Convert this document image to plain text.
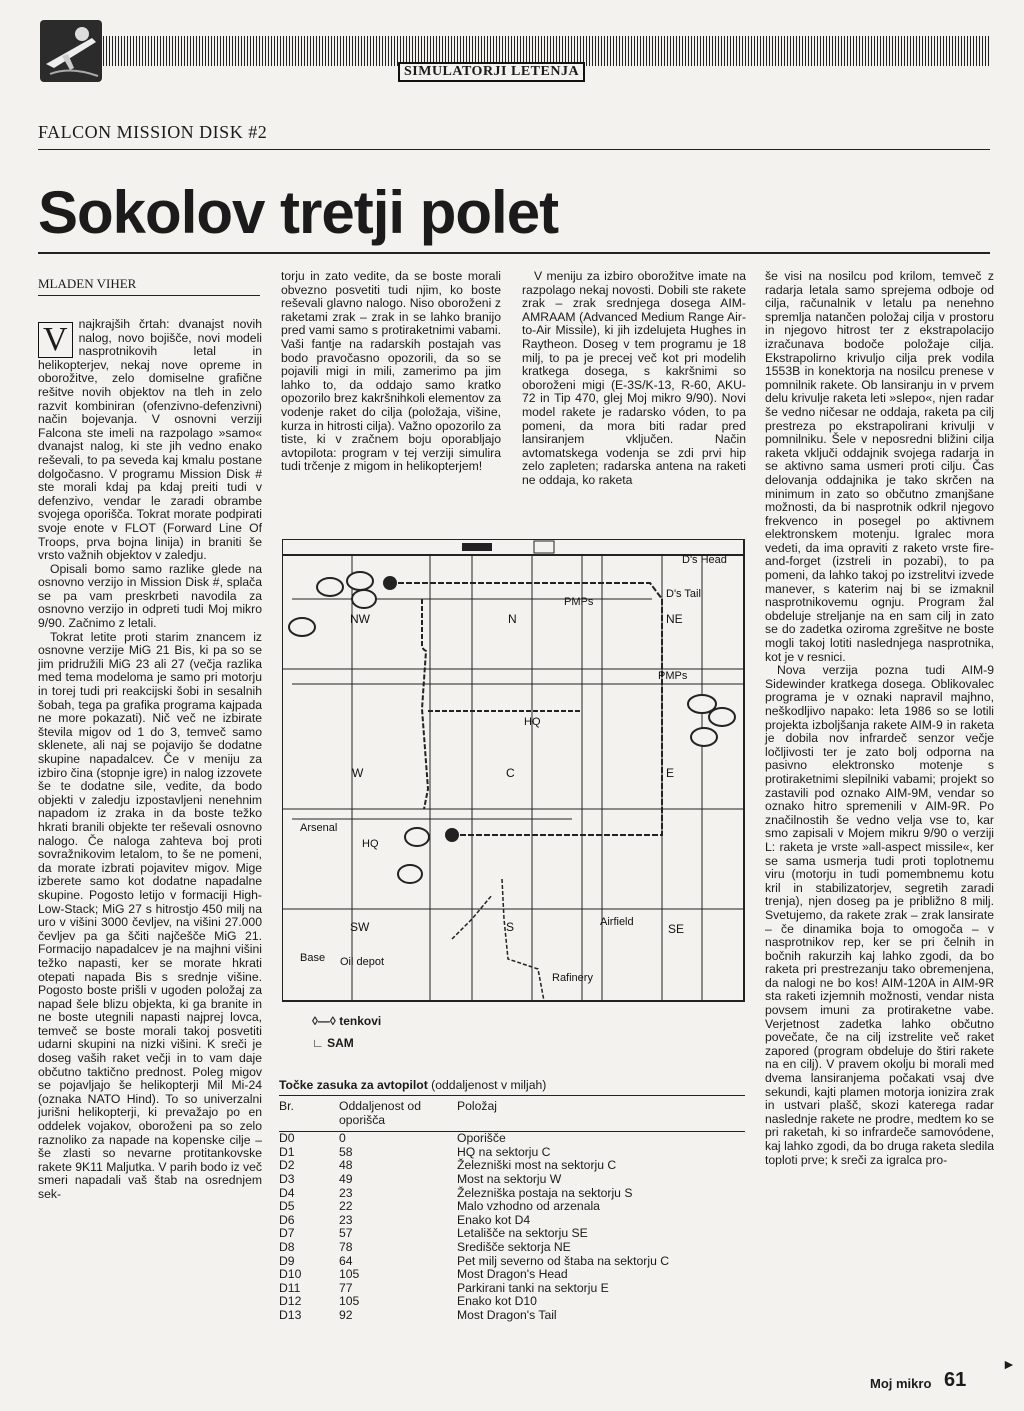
SIMULATORJI LETENJA
FALCON MISSION DISK #2
Sokolov tretji polet
MLADEN VIHER
V najkrajših črtah: dvanajst novih nalog, novo bojišče, novi modeli nasprotnikovih letal in helikopterjev, nekaj nove opreme in oborožitve, zelo domiselne grafične rešitve novih objektov na tleh in zelo razvit kombiniran (ofenzivno-defenzivni) način bojevanja. V osnovni verziji Falcona ste imeli na razpolago »samo« dvanajst nalog, ki ste jih vedno enako reševali, to pa seveda kaj kmalu postane dolgočasno. V programu Mission Disk # ste morali kdaj pa kdaj preiti tudi v defenzivo, vendar le zaradi obrambe svojega oporišča. Tokrat morate podpirati svoje enote v FLOT (Forward Line Of Troops, prva bojna linija) in braniti še vrsto važnih objektov v zaledju.

Opisali bomo samo razlike glede na osnovno verzijo in Mission Disk #, splača se pa vam preskrbeti navodila za osnovno verzijo in odpreti tudi Moj mikro 9/90. Začnimo z letali.

Tokrat letite proti starim znancem iz osnovne verzije MiG 21 Bis, ki pa so se jim pridružili MiG 23 ali 27 (večja razlika med tema modeloma je samo pri motorju in torej tudi pri reakcijski šobi in sesalnih šobah, tega pa grafika programa kajpada ne more pokazati). Nič več ne izbirate števila migov od 1 do 3, temveč samo sklenete, ali naj se pojavijo še dodatne skupine napadalcev. Če v meniju za izbiro čina (stopnje igre) in nalog izzovete še te dodatne sile, vedite, da bodo objekti v zaledju izpostavljeni nenehnim napadom iz zraka in da boste težko hkrati branili objekte ter reševali osnovno nalogo. Če naloga zahteva boj proti sovražnikovim letalom, to še ne pomeni, da morate izbrati pojavitev migov. Mige izberete samo kot dodatne napadalne skupine. Pogosto letijo v formaciji High-Low-Stack; MiG 27 s hitrostjo 450 milj na uro v višini 3000 čevljev, na višini 27.000 čevljev pa ga ščiti najčešče MiG 21. Formacijo napadalcev je na majhni višini težko napasti, ker se morate hkrati otepati napada Bis s srednje višine. Pogosto boste prišli v ugoden položaj za napad šele blizu objekta, ki ga branite in ne boste utegnili napasti najprej lovca, temveč se boste morali takoj posvetiti udarni skupini na nizki višini. K sreči je doseg vaših raket večji in to vam daje občutno taktično prednost. Poleg migov se pojavljajo še helikopterji Mil Mi-24 (oznaka NATO Hind). To so univerzalni jurišni helikopterji, ki prevažajo po en oddelek vojakov, oboroženi pa so zelo raznoliko za napade na kopenske cilje – še zlasti so nevarne protitankovske rakete 9K11 Maljutka. V parih bodo iz več smeri napadali vaš štab na osrednjem sek-

torju in zato vedite, da se boste morali obvezno posvetiti tudi njim, ko boste reševali glavno nalogo. Niso oboroženi z raketami zrak – zrak in se lahko branijo pred vami samo s protiraketnimi vabami. Vaši fantje na radarskih postajah vas bodo pravočasno opozorili, da so se pojavili migi in mili, zamerimo pa jim lahko to, da oddajo samo kratko opozorilo brez kakršnihkoli elementov za vodenje raket do cilja (položaja, višine, kurza in hitrosti cilja). Važno opozorilo za tiste, ki v zračnem boju oporabljajo avtopilota: program v tej verziji simulira tudi trčenje z migom in helikopterjem!

V meniju za izbiro oborožitve imate na razpolago nekaj novosti. Dobili ste rakete zrak – zrak srednjega dosega AIM-AMRAAM (Advanced Medium Range Air-to-Air Missile), ki jih izdelujeta Hughes in Raytheon. Doseg v tem programu je 18 milj, to pa je precej več kot pri modelih kratkega dosega, s kakršnimi so oboroženi migi (E-3S/K-13, R-60, AKU-72 in Tip 470, glej Moj mikro 9/90). Novi model rakete je radarsko vóden, to pa pomeni, da mora biti radar pred lansiranjem vključen. Način avtomatskega vodenja se zdi prvi hip zelo zapleten; radarska antena na raketi ne oddaja, ko raketa

še visi na nosilcu pod krilom, temveč z radarja letala samo sprejema odboje od cilja, računalnik v letalu pa nenehno spremlja natančen položaj cilja v prostoru in njegovo hitrost ter z ekstrapolacijo izračunava bodoče položaje cilja. Ekstrapolirno krivuljo cilja prek vodila 1553B in konektorja na nosilcu prenese v pomnilnik rakete. Ob lansiranju in v prvem delu krivulje raketa leti »slepo«, njen radar še vedno ničesar ne oddaja, raketa pa cilj prestreza po ekstrapolirani krivulji v pomnilniku. Šele v neposredni bližini cilja raketa vključi oddajnik svojega radarja in se aktivno sama usmeri proti cilju. Čas delovanja oddajnika je tako skrčen na minimum in zato so občutno zmanjšane možnosti, da bi nasprotnik odkril njegovo frekvenco in posegel po aktivnem elektronskem motenju. Igralec mora vedeti, da ima opraviti z raketo vrste fire-and-forget (izstreli in pozabi), to pa pomeni, da lahko takoj po izstrelitvi izvede manever, s katerim naj bi se izmaknil nasprotnikovemu ognju. Program žal obdeluje streljanje na en sam cilj in zato se do zadetka oziroma zgrešitve ne boste mogli takoj lotiti naslednjega nasprotnika, kot je v resnici.

Nova verzija pozna tudi AIM-9 Sidewinder kratkega dosega. Oblikovalec programa je v oznaki napravil majhno, neškodljivo napako: leta 1986 so se lotili projekta izboljšanja rakete AIM-9 in raketa je dobila nov infrardeč senzor večje ločljivosti ter je zato bolj odporna na pasivno elektronsko motenje s protiraketnimi slepilniki vabami; projekt so zastavili pod oznako AIM-9M, vendar so oznako hitro spremenili v AIM-9R. Po značilnostih še vedno velja vse to, kar smo zapisali v Mojem mikru 9/90 o verziji L: raketa je vrste »all-aspect missile«, ker se sama usmerja tudi proti toplotnemu viru (motorju in tudi pomembnemu kotu kril in stabilizatorjev, segretih zaradi trenja), njen doseg pa je približno 8 milj. Svetujemo, da rakete zrak – zrak lansirate – če dinamika boja to omogoča – v nasprotnikov rep, ker se pri čelnih in bočnih rakurzih kaj lahko zgodi, da bo raketa pri prestrezanju tako obremenjena, da nalogi ne bo kos! AIM-120A in AIM-9R sta raketi izjemnih možnosti, vendar nista povsem imuni za protiraketne vabe. Verjetnost zadetka lahko občutno povečate, če na cilj izstrelite več raket zapored (program obdeluje do štiri rakete na en cilj). V pravem okolju bi morali med dvema lansiranjema počakati vsaj dve sekundi, kajti plamen motorja ionizira zrak in ustvari plašč, skozi katerega radar naslednje rakete ne prodre, medtem ko se pri raketah, ki so infrardeče samovódene, kaj lahko zgodi, da bo druga raketa sledila toploti prve; k sreči za igralca pro-

NW	N	NE
W	C	E
SW	S	SE
D's Head
D's Tail
PMPs
PMPs
HQ
HQ
Arsenal
Airfield
Base Oil depot
Rafinery
◊—◊ tenkovi
∟ SAM
Točke zasuka za avtopilot (oddaljenost v miljah)
Br.	Oddaljenost od oporišča	Položaj
D0	0	Oporišče
D1	58	HQ na sektorju C
D2	48	Železniški most na sektorju C
D3	49	Most na sektorju W
D4	23	Železniška postaja na sektorju S
D5	22	Malo vzhodno od arzenala
D6	23	Enako kot D4
D7	57	Letališče na sektorju SE
D8	78	Središče sektorja NE
D9	64	Pet milj severno od štaba na sektorju C
D10	105	Most Dragon's Head
D11	77	Parkirani tanki na sektorju E
D12	105	Enako kot D10
D13	92	Most Dragon's Tail
Moj mikro 61
►
